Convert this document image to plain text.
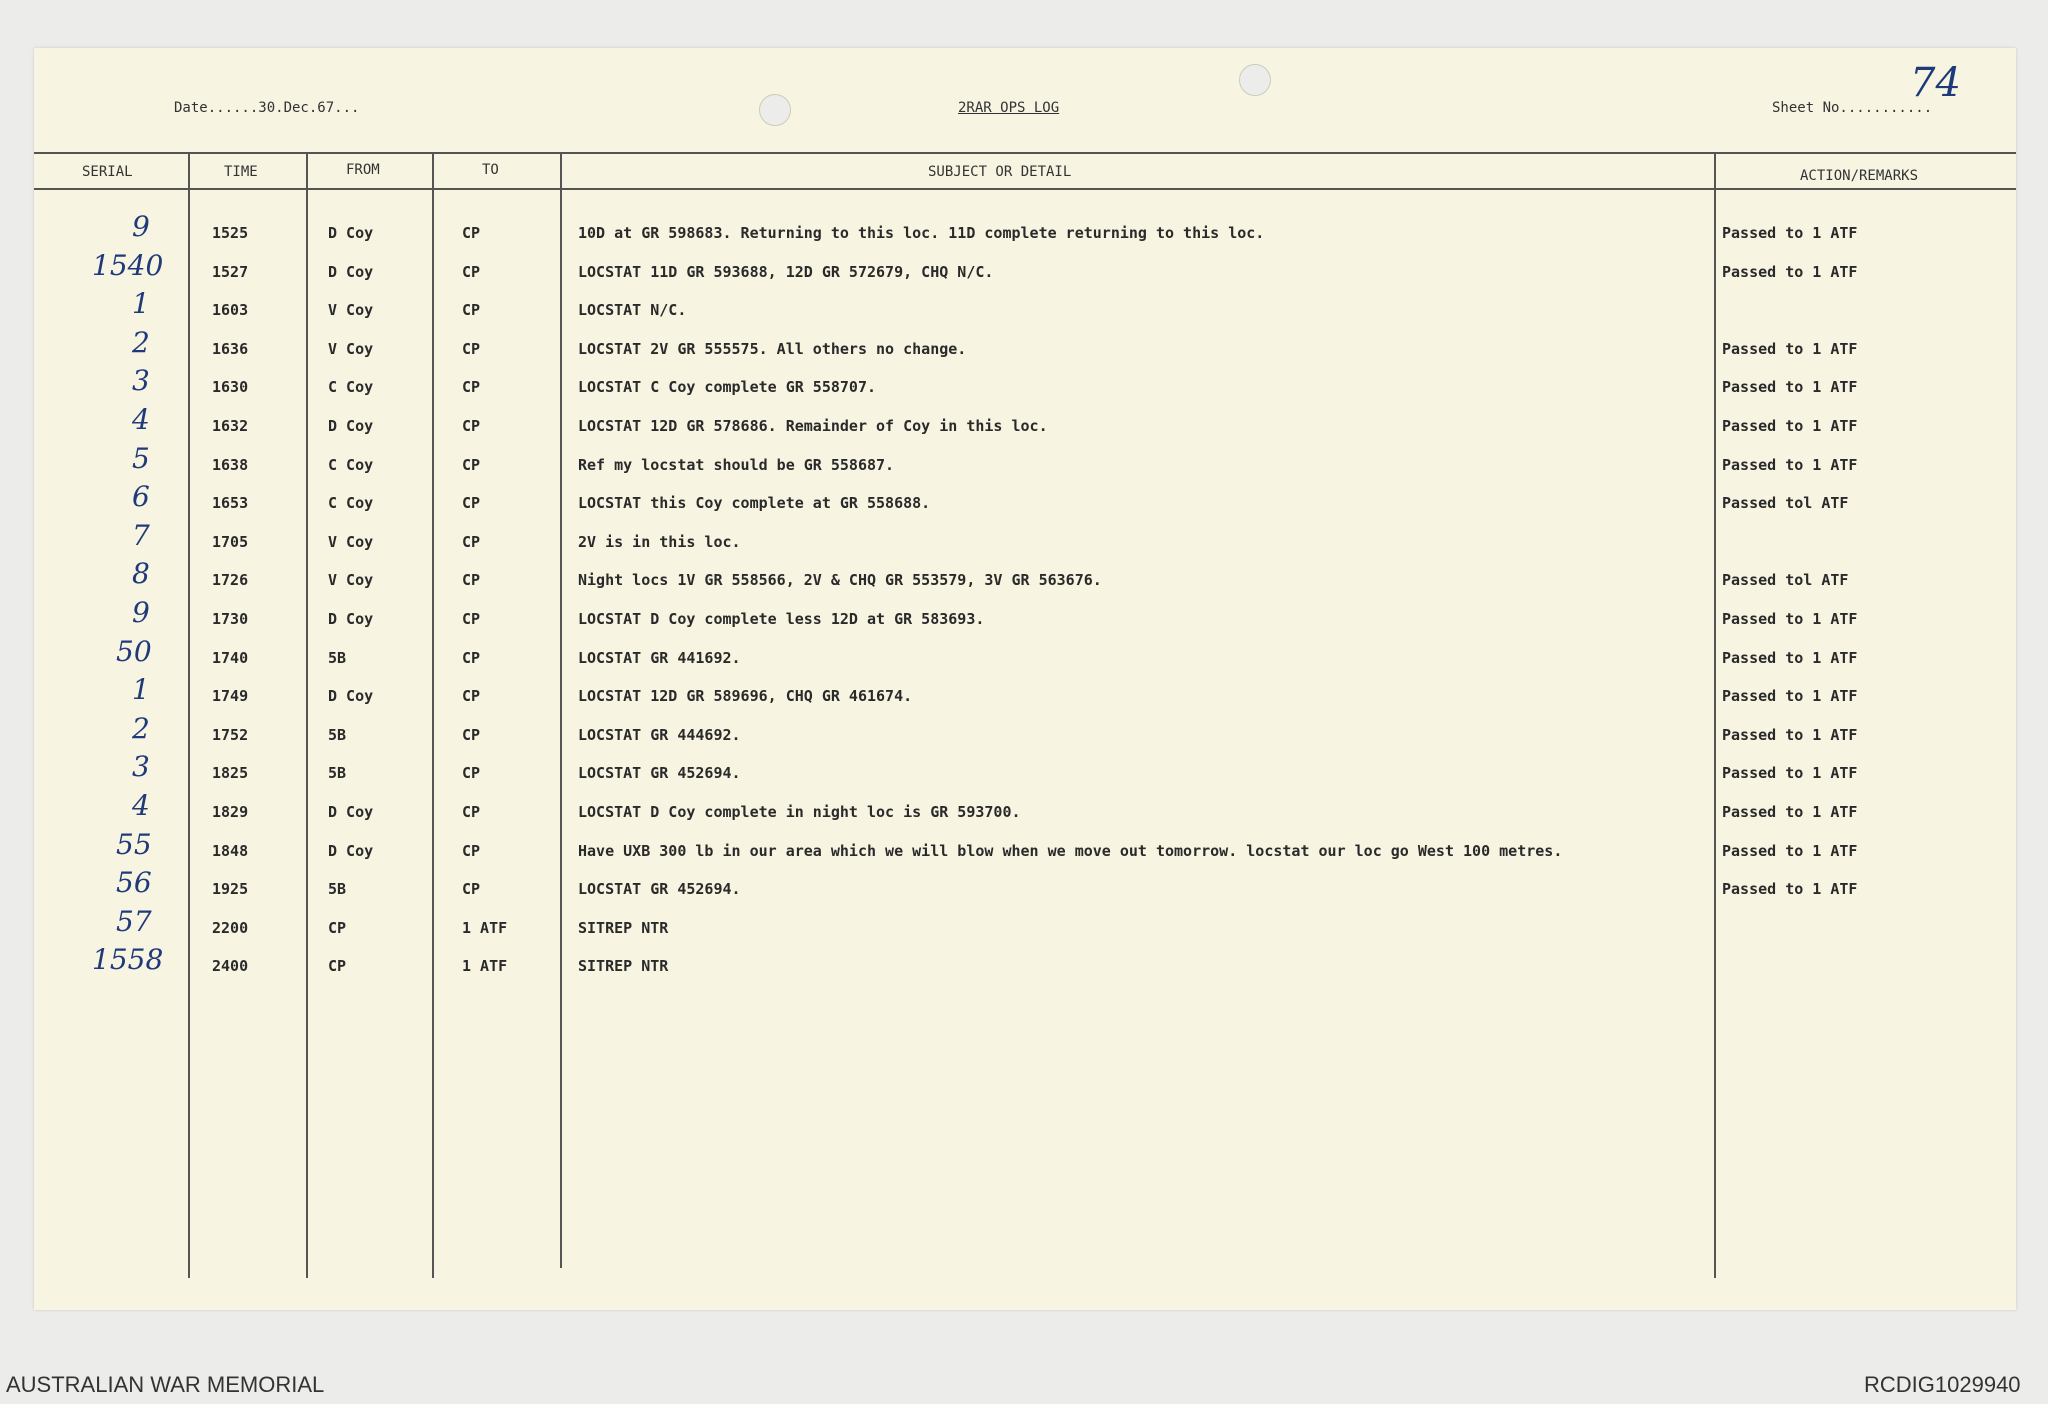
Date......30.Dec.67...	2RAR OPS LOG	Sheet No...........
74
SERIAL	TIME	FROM	TO	SUBJECT OR DETAIL	ACTION/REMARKS
9	1525	D Coy	CP	10D at GR 598683. Returning to this loc. 11D complete returning to this loc.	Passed to 1 ATF
1540	1527	D Coy	CP	LOCSTAT 11D GR 593688, 12D GR 572679, CHQ N/C.	Passed to 1 ATF
1	1603	V Coy	CP	LOCSTAT N/C.
2	1636	V Coy	CP	LOCSTAT 2V GR 555575. All others no change.	Passed to 1 ATF
3	1630	C Coy	CP	LOCSTAT C Coy complete GR 558707.	Passed to 1 ATF
4	1632	D Coy	CP	LOCSTAT 12D GR 578686. Remainder of Coy in this loc.	Passed to 1 ATF
5	1638	C Coy	CP	Ref my locstat should be GR 558687.	Passed to 1 ATF
6	1653	C Coy	CP	LOCSTAT this Coy complete at GR 558688.	Passed tol ATF
7	1705	V Coy	CP	2V is in this loc.
8	1726	V Coy	CP	Night locs 1V GR 558566, 2V & CHQ GR 553579, 3V GR 563676.	Passed tol ATF
9	1730	D Coy	CP	LOCSTAT D Coy complete less 12D at GR 583693.	Passed to 1 ATF
50	1740	5B	CP	LOCSTAT GR 441692.	Passed to 1 ATF
1	1749	D Coy	CP	LOCSTAT 12D GR 589696, CHQ GR 461674.	Passed to 1 ATF
2	1752	5B	CP	LOCSTAT GR 444692.	Passed to 1 ATF
3	1825	5B	CP	LOCSTAT GR 452694.	Passed to 1 ATF
4	1829	D Coy	CP	LOCSTAT D Coy complete in night loc is GR 593700.	Passed to 1 ATF
55	1848	D Coy	CP	Have UXB 300 lb in our area which we will blow when we move out tomorrow. locstat our loc go West 100 metres.	Passed to 1 ATF
56	1925	5B	CP	LOCSTAT GR 452694.	Passed to 1 ATF
57	2200	CP	1 ATF	SITREP NTR
1558	2400	CP	1 ATF	SITREP NTR
AUSTRALIAN WAR MEMORIAL	RCDIG1029940
